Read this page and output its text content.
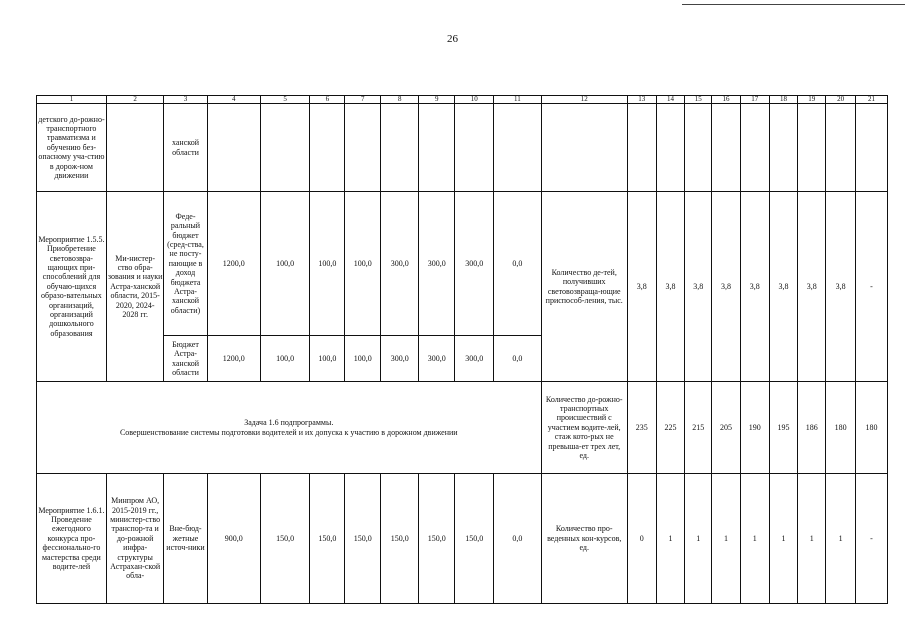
26
1	2	3	4	5	6	7	8	9	10	11	12	13	14	15	16	17	18	19	20	21
детского до-рожно-транспортного травматизма и обучению без-опасному уча-стию в дорож-ном движении		ханской области																		
Мероприятие 1.5.5. Приобретение световозвра-щающих при-способлений для обучаю-щихся образо-вательных организаций, организаций дошкольного образования	Ми-нистер-ство обра-зования и науки Астра-ханской области, 2015-2020, 2024-2028 гг.	Феде-ральный бюджет (сред-ства, не посту-пающие в доход бюджета Астра-ханской области)	1200,0	100,0	100,0	100,0	300,0	300,0	300,0	0,0	Количество де-тей, получивших световозвраща-ющие приспособ-ления, тыс.	3,8	3,8	3,8	3,8	3,8	3,8	3,8	3,8	-
		Бюджет Астра-ханской области	1200,0	100,0	100,0	100,0	300,0	300,0	300,0	0,0										

Задача 1.6 подпрограммы.
Совершенствование системы подготовки водителей и их допуска к участию в дорожном движении											Количество до-рожно-транспортных происшествий с участием водите-лей, стаж кото-рых не превыша-ет трех лет, ед.	235	225	215	205	190	195	186	180	180
Мероприятие 1.6.1. Проведение ежегодного конкурса про-фессионально-го мастерства среди водите-лей	Минпром АО, 2015-2019 гг., министер-ство транспор-та и до-рожной инфра-структуры Астрахан-ской обла-	Вне-бюд-жетные источ-ники	900,0	150,0	150,0	150,0	150,0	150,0	150,0	0,0	Количество про-веденных кон-курсов, ед.	0	1	1	1	1	1	1	1	-
